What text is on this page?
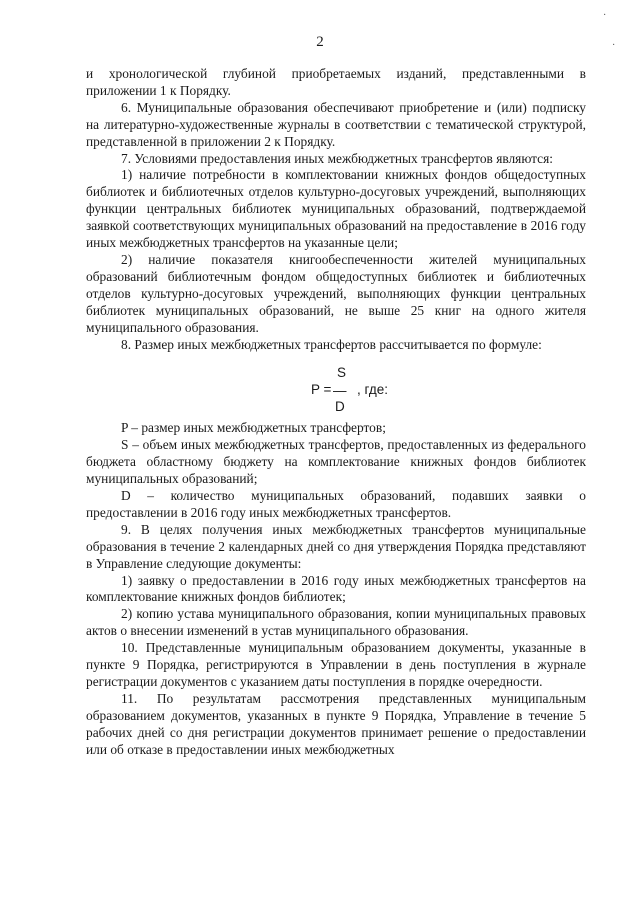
·
·
2

и хронологической глубиной приобретаемых изданий, представленными в приложении 1 к Порядку.

6. Муниципальные образования обеспечивают приобретение и (или) подписку на литературно-художественные журналы в соответствии с тематической структурой, представленной в приложении 2 к Порядку.

7. Условиями предоставления иных межбюджетных трансфертов являются:

1) наличие потребности в комплектовании книжных фондов общедоступных библиотек и библиотечных отделов культурно-досуговых учреждений, выполняющих функции центральных библиотек муниципальных образований, подтверждаемой заявкой соответствующих муниципальных образований на предоставление в 2016 году иных межбюджетных трансфертов на указанные цели;

2) наличие показателя книгообеспеченности жителей муниципальных образований библиотечным фондом общедоступных библиотек и библиотечных отделов культурно-досуговых учреждений, выполняющих функции центральных библиотек муниципальных образований, не выше 25 книг на одного жителя муниципального образования.

8. Размер иных межбюджетных трансфертов рассчитывается по формуле:

S
P = — , где:
D

P – размер иных межбюджетных трансфертов;

S – объем иных межбюджетных трансфертов, предоставленных из федерального бюджета областному бюджету на комплектование книжных фондов библиотек муниципальных образований;

D – количество муниципальных образований, подавших заявки о предоставлении в 2016 году иных межбюджетных трансфертов.

9. В целях получения иных межбюджетных трансфертов муниципальные образования в течение 2 календарных дней со дня утверждения Порядка представляют в Управление следующие документы:

1) заявку о предоставлении в 2016 году иных межбюджетных трансфертов на комплектование книжных фондов библиотек;

2) копию устава муниципального образования, копии муниципальных правовых актов о внесении изменений в устав муниципального образования.

10. Представленные муниципальным образованием документы, указанные в пункте 9 Порядка, регистрируются в Управлении в день поступления в журнале регистрации документов с указанием даты поступления в порядке очередности.

11. По результатам рассмотрения представленных муниципальным образованием документов, указанных в пункте 9 Порядка, Управление в течение 5 рабочих дней со дня регистрации документов принимает решение о предоставлении или об отказе в предоставлении иных межбюджетных
